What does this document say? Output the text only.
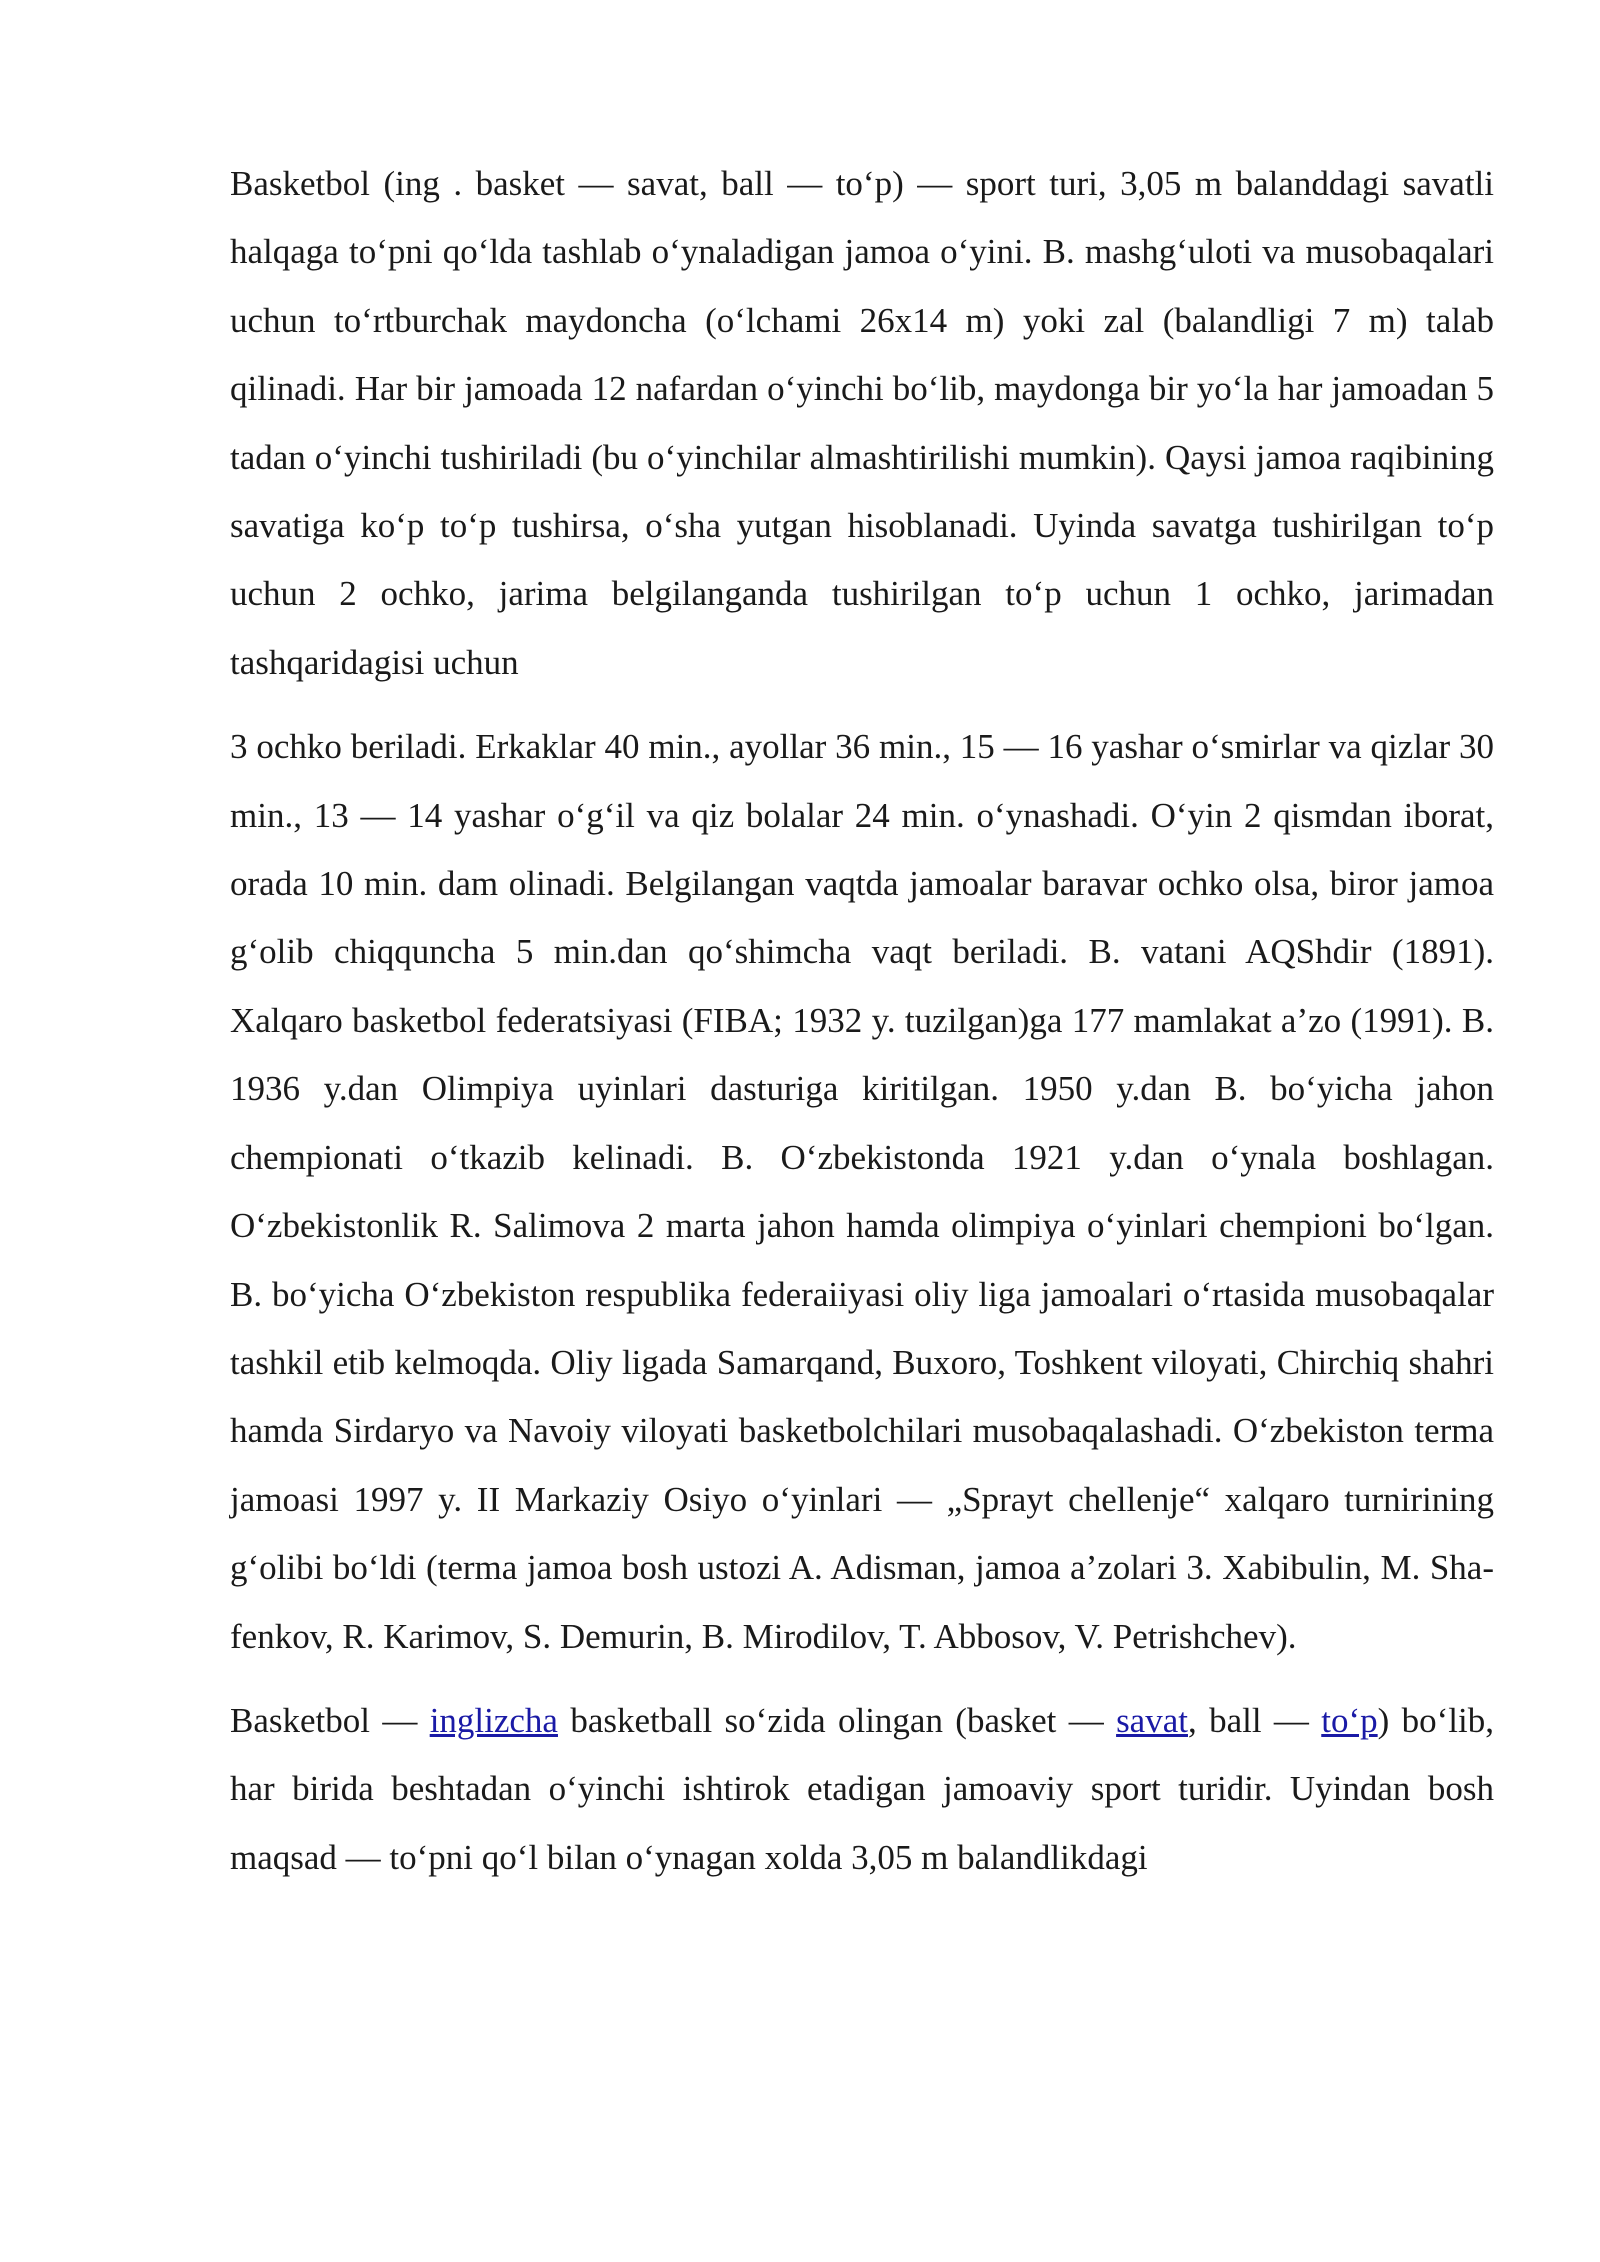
Basketbol (ing . basket — savat, ball — to‘p) — sport turi, 3,05 m balanddagi savatli halqaga to‘pni qo‘lda tashlab o‘ynaladigan jamoa o‘yini. B. mashg‘uloti va musobaqalari uchun to‘rtburchak maydoncha (o‘lchami 26x14 m) yoki zal (balandligi 7 m) talab qilinadi. Har bir jamoada 12 nafardan o‘yinchi bo‘lib, maydonga bir yo‘la har jamoadan 5 tadan o‘yinchi tushiriladi (bu o‘yinchilar almashtirilishi mumkin). Qaysi jamoa raqibining savatiga ko‘p to‘p tushirsa, o‘sha yutgan hisoblanadi. Uyinda savatga tushirilgan to‘p uchun 2 ochko, jarima belgilanganda tushirilgan to‘p uchun 1 ochko, jarimadan tashqaridagisi uchun

3 ochko beriladi. Erkaklar 40 min., ayollar 36 min., 15 — 16 yashar o‘smirlar va qizlar 30 min., 13 — 14 yashar o‘g‘il va qiz bolalar 24 min. o‘ynashadi. O‘yin 2 qismdan iborat, orada 10 min. dam olinadi. Belgilangan vaqtda jamoalar baravar ochko olsa, biror jamoa g‘olib chiqquncha 5 min.dan qo‘shimcha vaqt beriladi. B. vatani AQShdir (1891). Xalqaro basketbol federatsiyasi (FIBA; 1932 y. tuzilgan)ga 177 mamlakat a’zo (1991). B. 1936 y.dan Olimpiya uyinlari dasturiga kiritilgan. 1950 y.dan B. bo‘yicha jahon chempionati o‘tkazib kelinadi. B. O‘zbekistonda 1921 y.dan o‘ynala boshlagan. O‘zbekistonlik R. Salimova 2 marta jahon hamda olimpiya o‘yinlari chempioni bo‘lgan. B. bo‘yicha O‘zbekiston respublika federaiiyasi oliy liga jamoalari o‘rtasida musobaqalar tashkil etib kelmoqda. Oliy ligada Samarqand, Buxoro, Toshkent viloyati, Chirchiq shahri hamda Sirdaryo va Navoiy viloyati basketbolchilari musobaqalashadi. O‘zbekiston terma jamoasi 1997 y. II Markaziy Osiyo o‘yinlari — „Sprayt chellenje“ xalqaro turnirining g‘olibi bo‘ldi (terma jamoa bosh ustozi A. Adisman, jamoa a’zolari 3. Xabibulin, M. Sha-fenkov, R. Karimov, S. Demurin, B. Mirodilov, T. Abbosov, V. Petrishchev).

Basketbol — inglizcha basketball so‘zida olingan (basket — savat, ball — to‘p) bo‘lib, har birida beshtadan o‘yinchi ishtirok etadigan jamoaviy sport turidir. Uyindan bosh maqsad — to‘pni qo‘l bilan o‘ynagan xolda 3,05 m balandlikdagi
